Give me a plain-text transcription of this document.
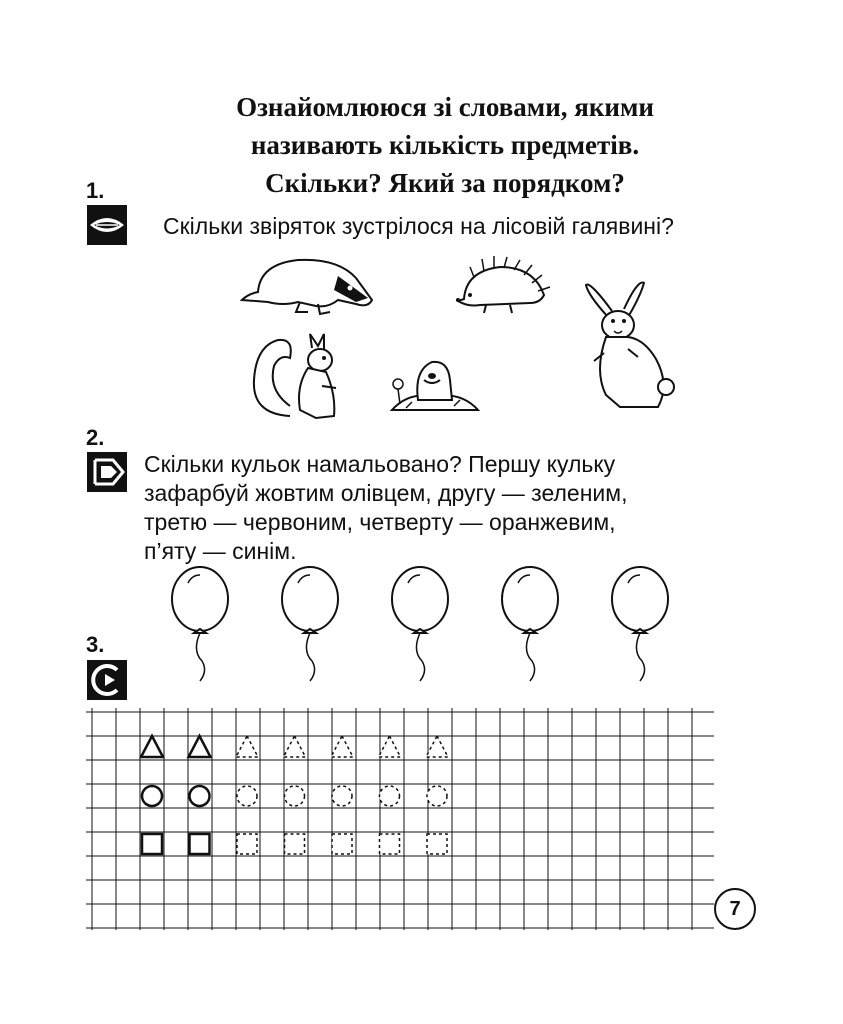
Ознайомлююся зі словами, якими
називають кількість предметів.
Скільки? Який за порядком?
1.
Скільки звіряток зустрілося на лісовій галявині?
2.
Скільки кульок намальовано? Першу кульку
зафарбуй жовтим олівцем, другу — зеленим,
третю — червоним, четверту — оранжевим,
п’яту — синім.
3.
7
